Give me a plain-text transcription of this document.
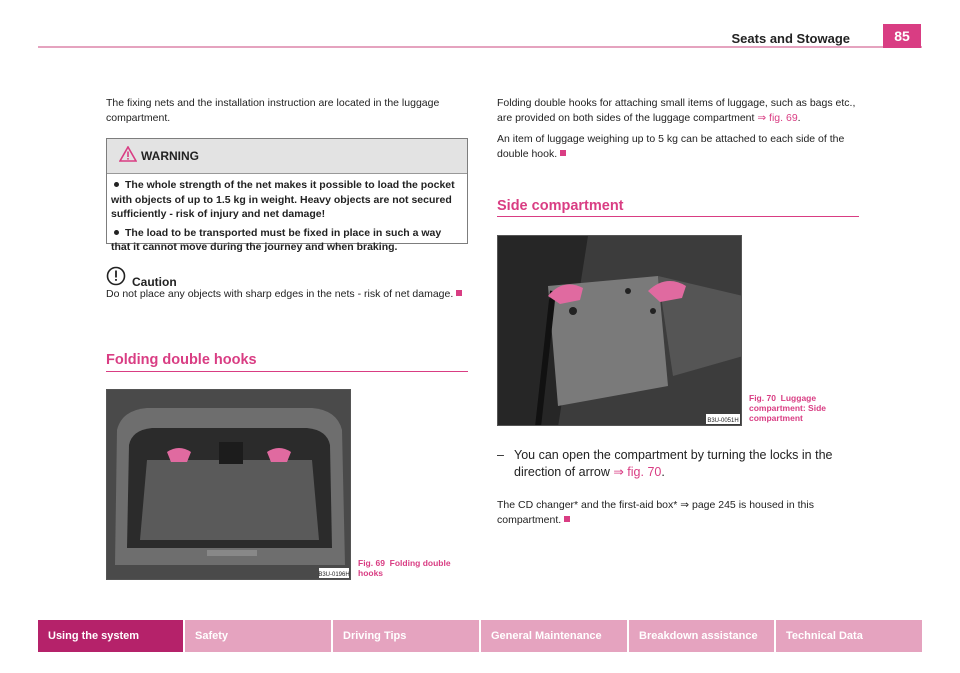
Seats and Stowage	85

The fixing nets and the installation instruction are located in the luggage compartment.

WARNING

The whole strength of the net makes it possible to load the pocket with objects of up to 1.5 kg in weight. Heavy objects are not secured sufficiently - risk of injury and net damage!

The load to be transported must be fixed in place in such a way that it cannot move during the journey and when braking.

Caution

Do not place any objects with sharp edges in the nets - risk of net damage.

Folding double hooks
B3U-0196H
Fig. 69 Folding double hooks

Folding double hooks for attaching small items of luggage, such as bags etc., are provided on both sides of the luggage compartment ⇒ fig. 69.

An item of luggage weighing up to 5 kg can be attached to each side of the double hook.

Side compartment
B3U-0051H
Fig. 70 Luggage compartment: Side compartment
– You can open the compartment by turning the locks in the direction of arrow ⇒ fig. 70.

The CD changer* and the first-aid box* ⇒ page 245 is housed in this compartment.

Using the system	Safety	Driving Tips	General Maintenance	Breakdown assistance	Technical Data
